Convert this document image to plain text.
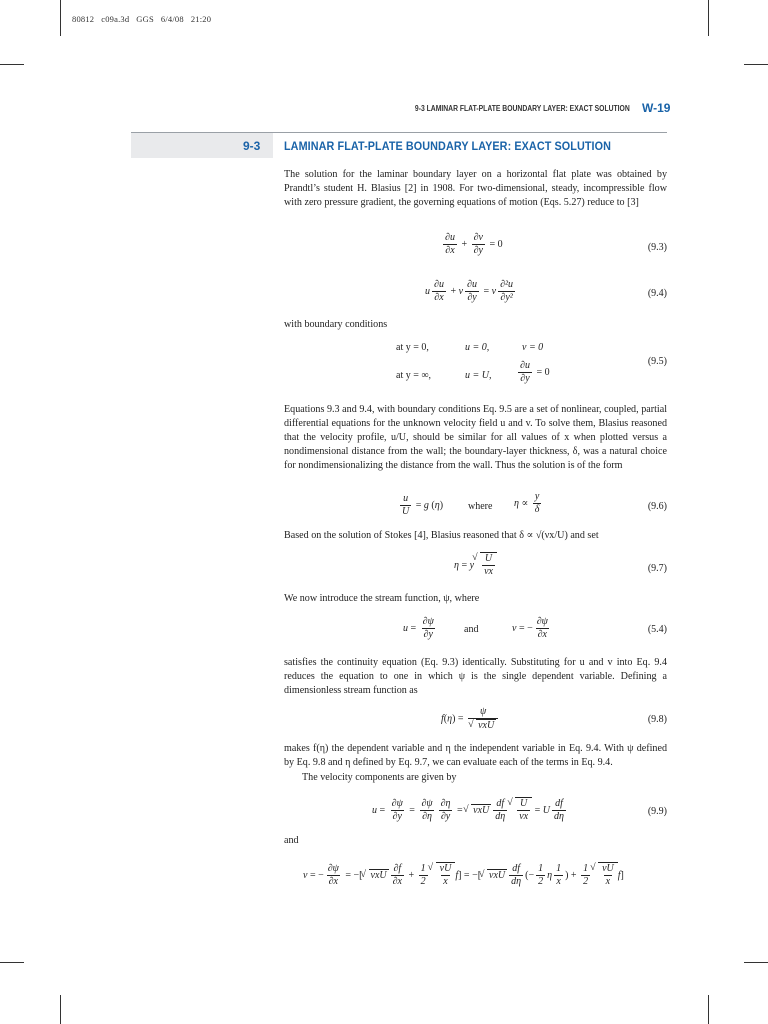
80812 c09a.3d GGS 6/4/08 21:20
9-3 LAMINAR FLAT-PLATE BOUNDARY LAYER: EXACT SOLUTION W-19
9-3 LAMINAR FLAT-PLATE BOUNDARY LAYER: EXACT SOLUTION

The solution for the laminar boundary layer on a horizontal flat plate was obtained by Prandtl’s student H. Blasius [2] in 1908. For two-dimensional, steady, incompressible flow with zero pressure gradient, the governing equations of motion (Eqs. 5.27) reduce to [3]

$\frac{\partial u}{\partial x} + \frac{\partial v}{\partial y} = 0$	(9.3)
u $\frac{\partial u}{\partial x} + v \frac{\partial u}{\partial y} = \nu \frac{\text{∂²u}}{\text{∂y²}}$	(9.4)

with boundary conditions

at y = 0,	u = 0,	v = 0
at y = ∞,	u = U,	$\frac{\partial u}{\partial y} = 0$
(9.5)

Equations 9.3 and 9.4, with boundary conditions Eq. 9.5 are a set of nonlinear, coupled, partial differential equations for the unknown velocity field u and v. To solve them, Blasius reasoned that the velocity profile, u/U, should be similar for all values of x when plotted versus a nondimensional distance from the wall; the boundary-layer thickness, δ, was a natural choice for nondimensionalizing the distance from the wall. Thus the solution is of the form

$\frac{u}{U} = g$ (η) where $\eta \propto \frac{y}{\delta}$	(9.6)

Based on the solution of Stokes [4], Blasius reasoned that δ ∝ √(νx/U) and set

η = y √ $\frac{U}{\nu x}$	(9.7)

We now introduce the stream function, ψ, where

$u = \frac{\partial\psi}{\partial y}$	and	v = − $\frac{\partial\psi}{\partial x}$	(5.4)

satisfies the continuity equation (Eq. 9.3) identically. Substituting for u and v into Eq. 9.4 reduces the equation to one in which ψ is the single dependent variable. Defining a dimensionless stream function as

f(η) = ψ
√ νxU	(9.8)

makes f(η) the dependent variable and η the independent variable in Eq. 9.4. With ψ defined by Eq. 9.8 and η defined by Eq. 9.7, we can evaluate each of the terms in Eq. 9.4.

The velocity components are given by

$u = \frac{\partial\psi}{\partial y} = \frac{\partial\psi}{\partial\eta} \frac{\partial\eta}{\partial y}$ = √ νxU $\frac{df}{d\eta}$ √ $\frac{U}{\nu x} = U \frac{df}{d\eta}$	(9.9)

and

v = − $\frac{\partial\psi}{\partial x}$ = −[ √ νxU $\frac{\partial f}{\partial x} + \frac{1}{2}$ √ $\frac{\nu U}{x} f$] = −[ √ νxU $\frac{df}{d\eta}$ (− $\frac{1}{2}$ η $\frac{1}{x}$ ) + $\frac{1}{2}$ √ $\frac{\nu U}{x} f$]
